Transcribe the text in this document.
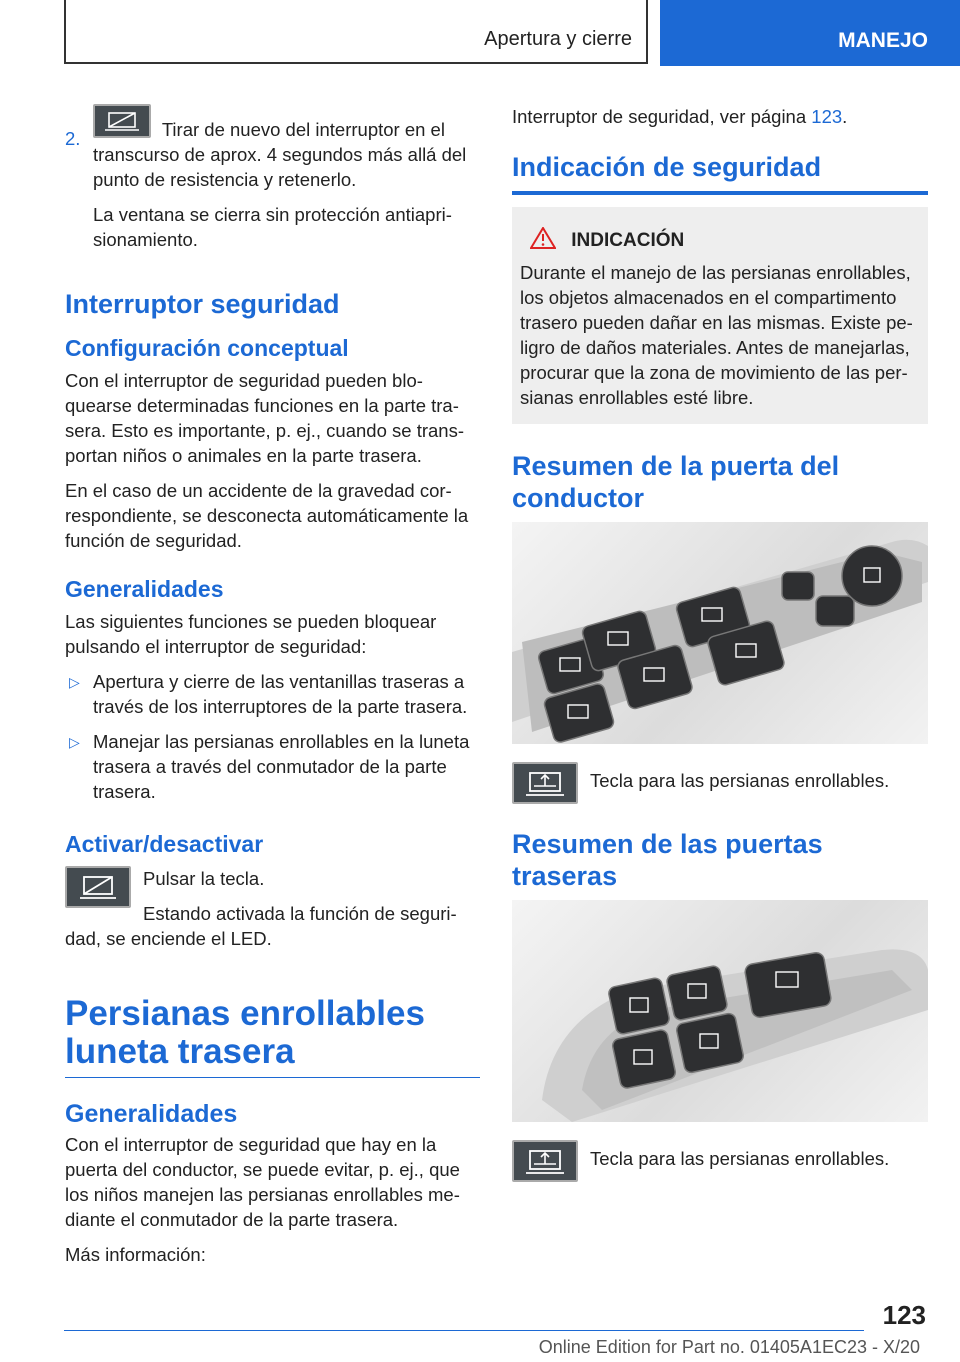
Apertura y cierre	MANEJO
2.	Tirar de nuevo del interruptor en el transcurso de aprox. 4 segundos más allá del punto de resistencia y retenerlo.

La ventana se cierra sin protección antiaprisionamiento.

Interruptor seguridad
Configuración conceptual

Con el interruptor de seguridad pueden bloquearse determinadas funciones en la parte trasera. Esto es importante, p. ej., cuando se transportan niños o animales en la parte trasera.

En el caso de un accidente de la gravedad correspondiente, se desconecta automáticamente la función de seguridad.

Generalidades

Las siguientes funciones se pueden bloquear pulsando el interruptor de seguridad:

▷ Apertura y cierre de las ventanillas traseras a través de los interruptores de la parte trasera.
▷ Manejar las persianas enrollables en la luneta trasera a través del conmutador de la parte trasera.
Activar/desactivar

Pulsar la tecla.

Estando activada la función de seguridad, se enciende el LED.

Persianas enrollables luneta trasera
Generalidades

Con el interruptor de seguridad que hay en la puerta del conductor, se puede evitar, p. ej., que los niños manejen las persianas enrollables mediante el conmutador de la parte trasera.

Más información:

Interruptor de seguridad, ver página 123.

Indicación de seguridad
INDICACIÓN

Durante el manejo de las persianas enrollables, los objetos almacenados en el compartimento trasero pueden dañar en las mismas. Existe peligro de daños materiales. Antes de manejarlas, procurar que la zona de movimiento de las persianas enrollables esté libre.

Resumen de la puerta del conductor

Tecla para las persianas enrollables.

Resumen de las puertas traseras

Tecla para las persianas enrollables.

123
Online Edition for Part no. 01405A1EC23 - X/20
